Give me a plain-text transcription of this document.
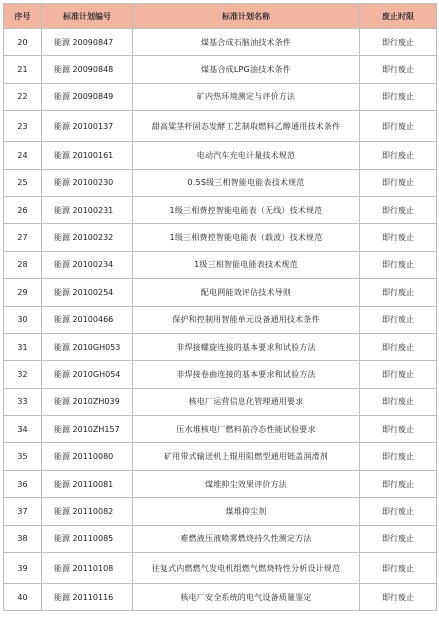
序号	标准计划编号	标准计划名称	废止时限
20	能源 20090847	煤基合成石脑油技术条件	即行废止
21	能源 20090848	煤基合成LPG油技术条件	即行废止
22	能源 20090849	矿内热环境测定与评价方法	即行废止
23	能源 20100137	甜高粱茎秆固态发酵工艺制取燃料乙醇通用技术条件	即行废止
24	能源 20100161	电动汽车充电计量技术规范	即行废止
25	能源 20100230	0.5S级三相智能电能表技术规范	即行废止
26	能源 20100231	1级三相费控智能电能表（无线）技术规范	即行废止
27	能源 20100232	1级三相费控智能电能表（载波）技术规范	即行废止
28	能源 20100234	1级三相智能电能表技术规范	即行废止
29	能源 20100254	配电网能效评估技术导则	即行废止
30	能源 20100466	保护和控制用智能单元设备通用技术条件	即行废止
31	能源 2010GH053	非焊接螺旋连接的基本要求和试验方法	即行废止
32	能源 2010GH054	非焊接卷曲连接的基本要求和试验方法	即行废止
33	能源 2010ZH039	核电厂运营信息化管理通用要求	即行废止
34	能源 2010ZH157	压水堆核电厂燃料前冷态性能试验要求	即行废止
35	能源 20110080	矿用带式输送机上辊用阻燃型通用链盖润滑剂	即行废止
36	能源 20110081	煤堆抑尘效果评价方法	即行废止
37	能源 20110082	煤堆抑尘剂	即行废止
38	能源 20110085	难燃液压液喷雾燃烧持久性测定方法	即行废止
39	能源 20110108	往复式内燃燃气发电机组燃气燃烧特性分析设计规范	即行废止
40	能源 20110116	核电厂安全系统的电气设备质量鉴定	即行废止
